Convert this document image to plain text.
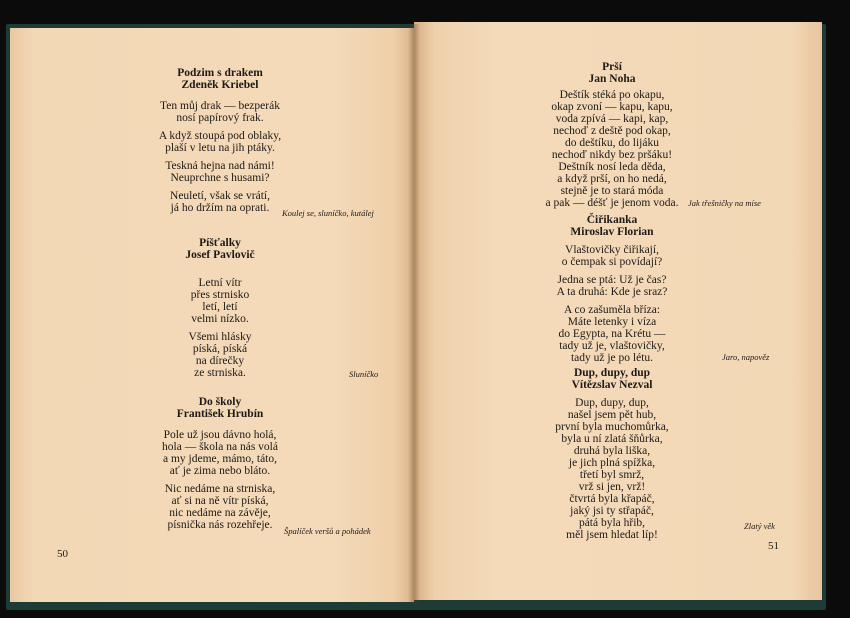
Podzim s drakem
Zdeněk Kriebel
Ten můj drak — bezperák
nosí papírový frak.
A když stoupá pod oblaky,
plaší v letu na jih ptáky.
Teskná hejna nad námi!
Neuprchne s husami?
Neuletí, však se vrátí,
já ho držím na oprati.	Koulej se, sluníčko, kutálej
Píšťalky
Josef Pavlovič
Letní vítr
přes strnisko
letí, letí
velmi nízko.
Všemi hlásky
píská, píská
na dírečky
ze strniska.	Sluníčko
Do školy
František Hrubín
Pole už jsou dávno holá,
hola — škola na nás volá
a my jdeme, mámo, táto,
ať je zima nebo bláto.
Nic nedáme na strniska,
ať si na ně vítr píská,
nic nedáme na závěje,
písnička nás rozehřeje.	Špalíček veršů a pohádek
50
Prší
Jan Noha
Deštík stéká po okapu,
okap zvoní — kapu, kapu,
voda zpívá — kapi, kap,
nechoď z deště pod okap,
do deštíku, do lijáku
nechoď nikdy bez pršáku!
Deštník nosí leda děda,
a když prší, on ho nedá,
stejně je to stará móda
a pak — déšť je jenom voda.	Jak třešničky na míse
Čiřikanka
Miroslav Florian
Vlaštovičky čiřikají,
o čempak si povídají?
Jedna se ptá: Už je čas?
A ta druhá: Kde je sraz?
A co zašuměla bříza:
Máte letenky i víza
do Egypta, na Krétu —
tady už je, vlaštovičky,
tady už je po létu.	Jaro, napověz
Dup, dupy, dup
Vítězslav Nezval
Dup, dupy, dup,
našel jsem pět hub,
první byla muchomůrka,
byla u ní zlatá šňůrka,
druhá byla liška,
je jich plná spížka,
třetí byl smrž,
vrž si jen, vrž!
čtvrtá byla křapáč,
jaký jsi ty střapáč,
pátá byla hřib,
měl jsem hledat líp!
Zlatý věk
51
